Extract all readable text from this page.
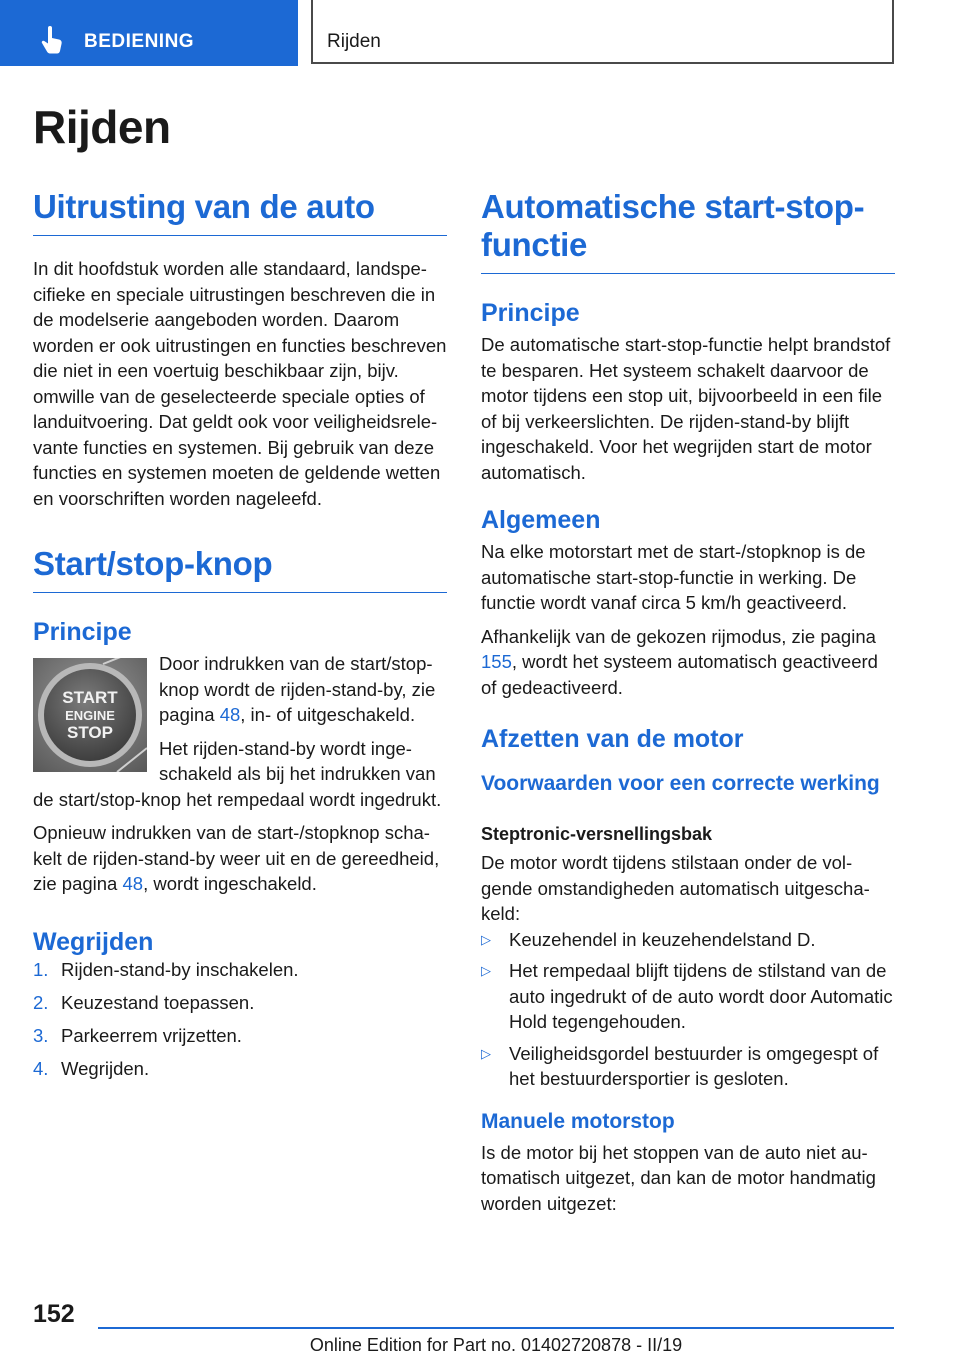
BEDIENING	Rijden
Rijden
Uitrusting van de auto

In dit hoofdstuk worden alle standaard, landspecifieke en speciale uitrustingen beschreven die in de modelserie aangeboden worden. Daarom worden er ook uitrustingen en functies beschreven die niet in een voertuig beschikbaar zijn, bijv. omwille van de geselecteerde speciale opties of landuitvoering. Dat geldt ook voor veiligheidsrelevante functies en systemen. Bij gebruik van deze functies en systemen moeten de geldende wetten en voorschriften worden nageleefd.

Start/stop-knop
Principe
START
ENGINE
STOP

Door indrukken van de start/stop-knop wordt de rijden-stand-by, zie pagina 48, in- of uitgeschakeld.

Het rijden-stand-by wordt ingeschakeld als bij het indrukken van de start/stop-knop het rempedaal wordt ingedrukt.

Opnieuw indrukken van de start-/stopknop schakelt de rijden-stand-by weer uit en de gereedheid, zie pagina 48, wordt ingeschakeld.

Wegrijden
1. Rijden-stand-by inschakelen.
2. Keuzestand toepassen.
3. Parkeerrem vrijzetten.
4. Wegrijden.
Automatische start-stop-functie
Principe

De automatische start-stop-functie helpt brandstof te besparen. Het systeem schakelt daarvoor de motor tijdens een stop uit, bijvoorbeeld in een file of bij verkeerslichten. De rijden-stand-by blijft ingeschakeld. Voor het wegrijden start de motor automatisch.

Algemeen

Na elke motorstart met de start-/stopknop is de automatische start-stop-functie in werking. De functie wordt vanaf circa 5 km/h geactiveerd.

Afhankelijk van de gekozen rijmodus, zie pagina 155, wordt het systeem automatisch geactiveerd of gedeactiveerd.

Afzetten van de motor
Voorwaarden voor een correcte werking
Steptronic-versnellingsbak

De motor wordt tijdens stilstaan onder de volgende omstandigheden automatisch uitgeschakeld:

▷ Keuzehendel in keuzehendelstand D.
▷ Het rempedaal blijft tijdens de stilstand van de auto ingedrukt of de auto wordt door Automatic Hold tegengehouden.
▷ Veiligheidsgordel bestuurder is omgegespt of het bestuurdersportier is gesloten.
Manuele motorstop

Is de motor bij het stoppen van de auto niet automatisch uitgezet, dan kan de motor handmatig worden uitgezet:

152
Online Edition for Part no. 01402720878 - II/19
